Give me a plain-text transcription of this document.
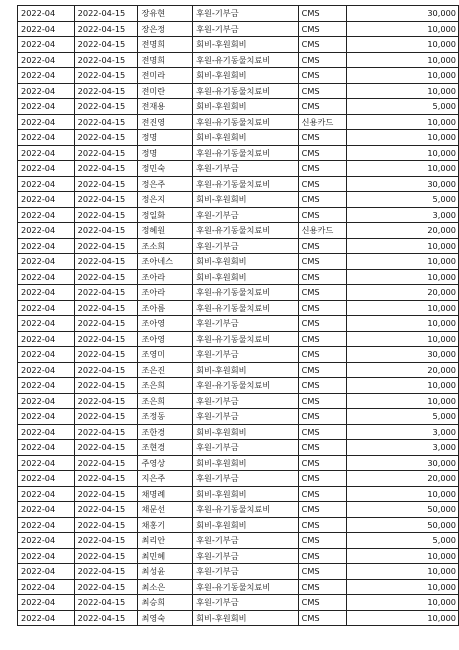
2022-04	2022-04-15	장유현	후원-기부금	CMS	30,000
2022-04	2022-04-15	장은정	후원-기부금	CMS	10,000
2022-04	2022-04-15	전명희	회비-후원회비	CMS	10,000
2022-04	2022-04-15	전명희	후원-유기동물치료비	CMS	10,000
2022-04	2022-04-15	전미라	회비-후원회비	CMS	10,000
2022-04	2022-04-15	전미란	후원-유기동물치료비	CMS	10,000
2022-04	2022-04-15	전재용	회비-후원회비	CMS	5,000
2022-04	2022-04-15	전진영	후원-유기동물치료비	신용카드	10,000
2022-04	2022-04-15	정명	회비-후원회비	CMS	10,000
2022-04	2022-04-15	정명	후원-유기동물치료비	CMS	10,000
2022-04	2022-04-15	정민숙	후원-기부금	CMS	10,000
2022-04	2022-04-15	정은주	후원-유기동물치료비	CMS	30,000
2022-04	2022-04-15	정은지	회비-후원회비	CMS	5,000
2022-04	2022-04-15	정일화	후원-기부금	CMS	3,000
2022-04	2022-04-15	정혜원	후원-유기동물치료비	신용카드	20,000
2022-04	2022-04-15	조소희	후원-기부금	CMS	10,000
2022-04	2022-04-15	조아네스	회비-후원회비	CMS	10,000
2022-04	2022-04-15	조아라	회비-후원회비	CMS	10,000
2022-04	2022-04-15	조아라	후원-유기동물치료비	CMS	20,000
2022-04	2022-04-15	조아름	후원-유기동물치료비	CMS	10,000
2022-04	2022-04-15	조아영	후원-기부금	CMS	10,000
2022-04	2022-04-15	조아영	후원-유기동물치료비	CMS	10,000
2022-04	2022-04-15	조영미	후원-기부금	CMS	30,000
2022-04	2022-04-15	조은진	회비-후원회비	CMS	20,000
2022-04	2022-04-15	조은희	후원-유기동물치료비	CMS	10,000
2022-04	2022-04-15	조은희	후원-기부금	CMS	10,000
2022-04	2022-04-15	조정동	후원-기부금	CMS	5,000
2022-04	2022-04-15	조한경	회비-후원회비	CMS	3,000
2022-04	2022-04-15	조현경	후원-기부금	CMS	3,000
2022-04	2022-04-15	주영상	회비-후원회비	CMS	30,000
2022-04	2022-04-15	지은주	후원-기부금	CMS	20,000
2022-04	2022-04-15	채명례	회비-후원회비	CMS	10,000
2022-04	2022-04-15	채문선	후원-유기동물치료비	CMS	50,000
2022-04	2022-04-15	채홍기	회비-후원회비	CMS	50,000
2022-04	2022-04-15	최리안	후원-기부금	CMS	5,000
2022-04	2022-04-15	최민혜	후원-기부금	CMS	10,000
2022-04	2022-04-15	최성윤	후원-기부금	CMS	10,000
2022-04	2022-04-15	최소은	후원-유기동물치료비	CMS	10,000
2022-04	2022-04-15	최승희	후원-기부금	CMS	10,000
2022-04	2022-04-15	최영숙	회비-후원회비	CMS	10,000
